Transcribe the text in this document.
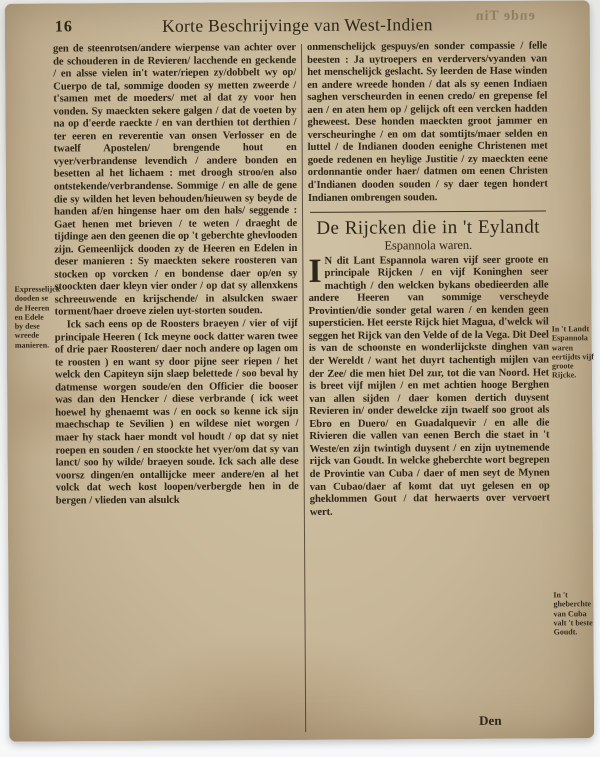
ende Tin
16	Korte Beschrijvinge van West-Indien
Expresselijck dooden se de Heeren en Edele by dese wreede manieren.

gen de steenrotsen/andere wierpense van achter over de schouderen in de Revieren/ lacchende en geckende / en alsse vielen in't water/riepen zy/dobbelt wy op/ Cuerpo de tal, sommige dooden sy metten zweerde / t'samen met de moeders/ met al dat zy voor hen vonden. Sy maeckten sekere galgen / dat de voeten by na op d'eerde raeckte / en van derthien tot derthien / ter eeren en reverentie van onsen Verlosser en de twaelf Apostelen/ brengende hout en vyer/verbrandense levendich / andere bonden en besetten al het lichaem : met droogh stroo/en also ontstekende/verbrandense. Sommige / en alle de gene die sy wilden het leven behouden/hieuwen sy beyde de handen af/en hingense haer om den hals/ seggende : Gaet henen met brieven / te weten / draeght de tijdinge aen den geenen die op 't geberchte ghevlooden zijn. Gemeenlijck dooden zy de Heeren en Edelen in deser manieren : Sy maeckten sekere roosteren van stocken op vorcken / en bondense daer op/en sy stoockten daer kleyn vier onder / op dat sy allenxkens schreeuwende en krijschende/ in alsulcken swaer torment/haer droeve zielen uyt-storten souden.

Ick sach eens op de Roosters braeyen / vier of vijf principale Heeren ( Ick meyne oock datter waren twee of drie paer Roosteren/ daer noch andere op lagen om te roosten ) en want sy door pijne seer riepen / het welck den Capiteyn sijn slaep belettede / soo beval hy datmense worgen soude/en den Officier die booser was dan den Hencker / diese verbrande ( ick weet hoewel hy ghenaemt was / en oock so kenne ick sijn maechschap te Sevilien ) en wildese niet worgen / maer hy stack haer mondt vol houdt / op dat sy niet roepen en souden / en stoockte het vyer/om dat sy van lanct/ soo hy wilde/ braeyen soude. Ick sach alle dese voorsz dingen/en ontallijcke meer andere/en al het volck dat wech kost loopen/verbergde hen in de bergen / vlieden van alsulck

onmenschelijck gespuys/en sonder compassie / felle beesten : Ja uytroepers en verdervers/vyanden van het menschelijck geslacht. Sy leerden de Hase winden en andere wreede honden / dat als sy eenen Indiaen saghen verscheurden in eenen credo/ en grepense fel aen / en aten hem op / gelijck oft een vercken hadden gheweest. Dese honden maeckten groot jammer en verscheuringhe / en om dat somtijts/maer selden en luttel / de Indianen dooden eenighe Christenen met goede redenen en heylige Justitie / zy maeckten eene ordonnantie onder haer/ datmen om eenen Christen d'Indianen dooden souden / sy daer tegen hondert Indianen ombrengen souden.

De Rijcken die in 't Eylandt
Espannola waren.

I N dit Lant Espannola waren vijf seer groote en principale Rijcken / en vijf Koninghen seer machtigh / den welcken bykans obedieerden alle andere Heeren van sommige verscheyde Provintien/die sonder getal waren / en kenden geen supersticien. Het eerste Rijck hiet Magua, d'welck wil seggen het Rijck van den Velde of de la Vega. Dit Deel is van de schoonste en wonderlijckste dinghen van der Wereldt / want het duyrt tachentigh mijlen van der Zee/ die men hiet Del zur, tot die van Noord. Het is breet vijf mijlen / en met achtien hooge Berghen van allen sijden / daer komen dertich duysent Revieren in/ onder dewelcke zijn twaelf soo groot als Ebro en Duero/ en Guadalquevir / en alle die Rivieren die vallen van eenen Berch die staet in 't Weste/en zijn twintigh duysent / en zijn uytnemende rijck van Goudt. In welcke gheberchte wort begrepen de Provintie van Cuba / daer of men seyt de Mynen van Cubao/daer af komt dat uyt gelesen en op gheklommen Gout / dat herwaerts over vervoert wert.

In 't Landt Espannola waren eertijdts vijf groote Rijcke.
In 't gheberchte van Cuba valt 't beste Goudt.
Den
